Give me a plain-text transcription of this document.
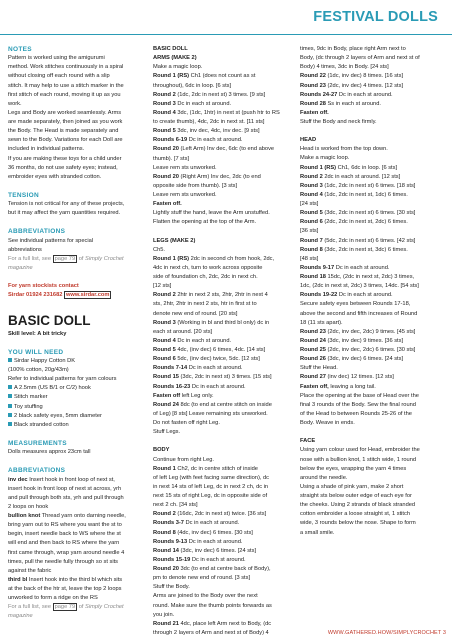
FESTIVAL DOLLS
NOTES
Pattern is worked using the amigurumi
method. Work stitches continuously in a spiral
without closing off each round with a slip
stitch. It may help to use a stitch marker in the
first stitch of each round, moving it up as you
work.
Legs and Body are worked seamlessly. Arms
are made separately, then joined as you work
the Body. The Head is made separately and
sewn to the Body. Variations for each Doll are
included in individual patterns.
If you are making these toys for a child under
36 months, do not use safety eyes; instead,
embroider eyes with stranded cotton.
TENSION
Tension is not critical for any of these projects,
but it may affect the yarn quantities required.
ABBREVIATIONS
See individual patterns for special
abbreviations
For a full list, see page 79 of Simply Crochet
magazine
For yarn stockists contact
Sirdar 01924 231682 www.sirdar.com
BASIC DOLL
Skill level: A bit tricky
YOU WILL NEED
Sirdar Happy Cotton DK
(100% cotton, 20g/43m)
Refer to individual patterns for yarn colours
A 2.5mm (US B/1 or C/2) hook
Stitch marker
Toy stuffing
2 black safety eyes, 5mm diameter
Black stranded cotton
MEASUREMENTS
Dolls measures approx 23cm tall
ABBREVIATIONS
inv dec Insert hook in front loop of next st,
insert hook in front loop of next st across, yrh
and pull through both sts, yrh and pull through
2 loops on hook
bullion knot Thread yarn onto darning needle,
bring yarn out to RS where you want the st to
begin, insert needle back to WS where the st
will end and then back to RS where the yarn
first came through, wrap yarn around needle 4
times, pull the needle fully through so st sits
against the fabric
third bl Insert hook into the third bl which sits
at the back of the htr st, leave the top 2 loops
unworked to form a ridge on the RS
For a full list, see page 79 of Simply Crochet
magazine
BASIC DOLL
ARMS (MAKE 2)
Make a magic loop.
Round 1 (RS) Ch1 (does not count as st
throughout), 6dc in loop. [6 sts]
Round 2 (1dc, 2dc in next st) 3 times. [9 sts]
Round 3 Dc in each st around.
Round 4 3dc, (1dc, 1htr) in next st (push htr to RS
to create thumb), 4dc, 2dc in next st. [11 sts]
Round 5 3dc, inv dec, 4dc, inv dec. [9 sts]
Rounds 6-19 Dc in each st around.
Round 20 (Left Arm) Inv dec, 6dc (to end above
thumb). [7 sts]
Leave rem sts unworked.
Round 20 (Right Arm) Inv dec, 2dc (to end
opposite side from thumb). [3 sts]
Leave rem sts unworked.
Fasten off.
Lightly stuff the hand, leave the Arm unstuffed.
Flatten the opening at the top of the Arm.
LEGS (MAKE 2)
Ch5.
Round 1 (RS) 2dc in second ch from hook, 2dc,
4dc in next ch, turn to work across opposite
side of foundation ch, 2dc, 2dc in next ch.
[12 sts]
Round 2 2htr in next 2 sts, 2htr, 2htr in next 4
sts, 2htr, 2htr in next 2 sts, htr in first st to
denote new end of round. [20 sts]
Round 3 (Working in bl and third bl only) dc in
each st around. [20 sts]
Round 4 Dc in each st around.
Round 5 4dc, (inv dec) 6 times, 4dc. [14 sts]
Round 6 5dc, (inv dec) twice, 5dc. [12 sts]
Rounds 7-14 Dc in each st around.
Round 15 (3dc, 2dc in next st) 3 times. [15 sts]
Rounds 16-23 Dc in each st around.
Fasten off left Leg only.
Round 24 8dc (to end at centre stitch on inside
of Leg) [8 sts] Leave remaining sts unworked.
Do not fasten off right Leg.
Stuff Legs.
BODY
Continue from right Leg.
Round 1 Ch2, dc in centre stitch of inside
of left Leg (with feet facing same direction), dc
in next 14 sts of left Leg, dc in next 2 ch, dc in
next 15 sts of right Leg, dc in opposite side of
next 2 ch. [34 sts]
Round 2 (16dc, 2dc in next st) twice. [36 sts]
Rounds 3-7 Dc in each st around.
Round 8 (4dc, inv dec) 6 times. [30 sts]
Rounds 9-13 Dc in each st around.
Round 14 (3dc, inv dec) 6 times. [24 sts]
Rounds 15-19 Dc in each st around.
Round 20 3dc (to end at centre back of Body),
pm to denote new end of round. [3 sts]
Stuff the Body.
Arms are joined to the Body over the next
round. Make sure the thumb points forwards as
you join.
Round 21 4dc, place left Arm next to Body, (dc
through 2 layers of Arm and next st of Body) 4
times, 9dc in Body, place right Arm next to
Body, (dc through 2 layers of Arm and next st of
Body) 4 times, 3dc in Body. [24 sts]
Round 22 (1dc, inv dec) 8 times. [16 sts]
Round 23 (2dc, inv dec) 4 times. [12 sts]
Rounds 24-27 Dc in each st around.
Round 28 Ss in each st around.
Fasten off.
Stuff the Body and neck firmly.
HEAD
Head is worked from the top down.
Make a magic loop.
Round 1 (RS) Ch1, 6dc in loop. [6 sts]
Round 2 2dc in each st around. [12 sts]
Round 3 (1dc, 2dc in next st) 6 times. [18 sts]
Round 4 (1dc, 2dc in next st, 1dc) 6 times.
[24 sts]
Round 5 (3dc, 2dc in next st) 6 times. [30 sts]
Round 6 (2dc, 2dc in next st, 2dc) 6 times.
[36 sts]
Round 7 (5dc, 2dc in next st) 6 times. [42 sts]
Round 8 (3dc, 2dc in next st, 3dc) 6 times.
[48 sts]
Rounds 9-17 Dc in each st around.
Round 18 15dc, (2dc in next st, 2dc) 3 times,
1dc, (2dc in next st, 2dc) 3 times, 14dc. [54 sts]
Rounds 19-22 Dc in each st around.
Secure safety eyes between Rounds 17-18,
above the second and fifth increases of Round
18 (11 sts apart).
Round 23 (2dc, inv dec, 2dc) 9 times. [45 sts]
Round 24 (3dc, inv dec) 9 times. [36 sts]
Round 25 (2dc, inv dec, 2dc) 6 times. [30 sts]
Round 26 (3dc, inv dec) 6 times. [24 sts]
Stuff the Head.
Round 27 (inv dec) 12 times. [12 sts]
Fasten off, leaving a long tail.
Place the opening at the base of Head over the
final 3 rounds of the Body. Sew the final round
of the Head to between Rounds 25-26 of the
Body. Weave in ends.
FACE
Using yarn colour used for Head, embroider the
nose with a bullion knot, 1 stitch wide, 1 round
below the eyes, wrapping the yarn 4 times
around the needle.
Using a shade of pink yarn, make 2 short
straight sts below outer edge of each eye for
the cheeks. Using 2 strands of black stranded
cotton embroider a loose straight st, 1 stitch
wide, 3 rounds below the nose. Shape to form
a small smile.
WWW.GATHERED.HOW/SIMPLYCROCHET 3
